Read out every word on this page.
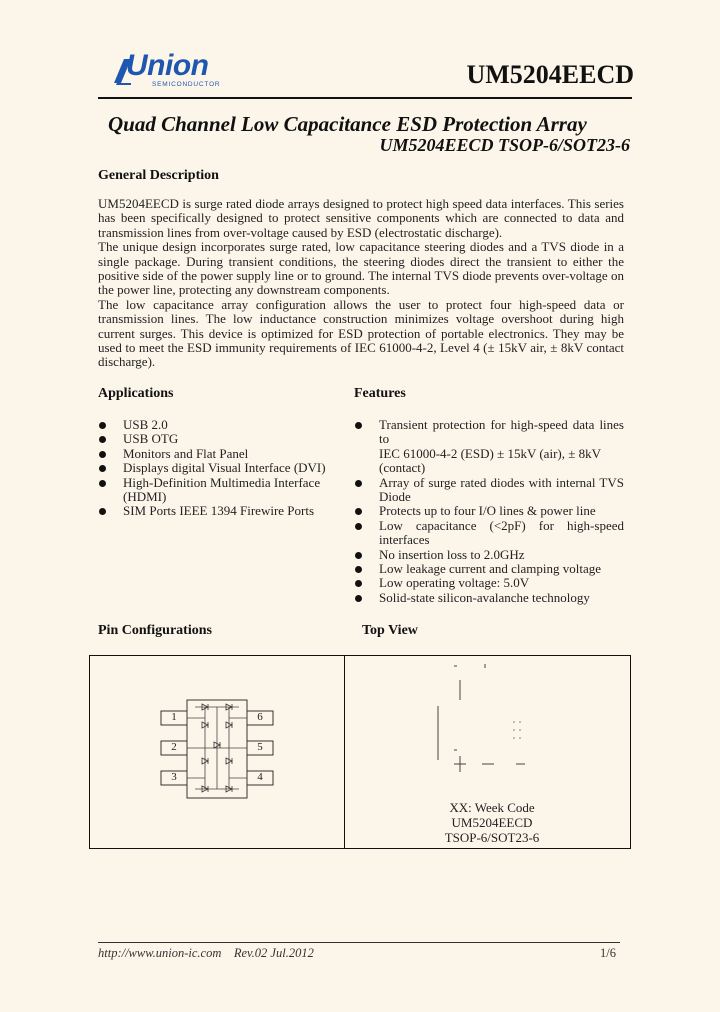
Union
SEMICONDUCTOR	UM5204EECD
Quad Channel Low Capacitance ESD Protection Array
UM5204EECD TSOP-6/SOT23-6
General Description
UM5204EECD is surge rated diode arrays designed to protect high speed data interfaces. This series has been specifically designed to protect sensitive components which are connected to data and transmission lines from over-voltage caused by ESD (electrostatic discharge).
The unique design incorporates surge rated, low capacitance steering diodes and a TVS diode in a single package. During transient conditions, the steering diodes direct the transient to either the positive side of the power supply line or to ground. The internal TVS diode prevents over-voltage on the power line, protecting any downstream components.
The low capacitance array configuration allows the user to protect four high-speed data or transmission lines. The low inductance construction minimizes voltage overshoot during high current surges. This device is optimized for ESD protection of portable electronics. They may be used to meet the ESD immunity requirements of IEC 61000-4-2, Level 4 (± 15kV air, ± 8kV contact discharge).
Applications
USB 2.0
USB OTG
Monitors and Flat Panel
Displays digital Visual Interface (DVI)
High-Definition Multimedia Interface (HDMI)
SIM Ports IEEE 1394 Firewire Ports
Features
Transient protection for high-speed data lines to
IEC 61000-4-2 (ESD) ± 15kV (air), ± 8kV
(contact)
Array of surge rated diodes with internal TVS Diode
Protects up to four I/O lines & power line
Low capacitance (<2pF) for high-speed interfaces
No insertion loss to 2.0GHz
Low leakage current and clamping voltage
Low operating voltage: 5.0V
Solid-state silicon-avalanche technology
Pin Configurations	Top View
1
2
3
6
5
4
XX: Week Code
UM5204EECD
TSOP-6/SOT23-6
http://www.union-ic.com    Rev.02 Jul.2012	1/6
